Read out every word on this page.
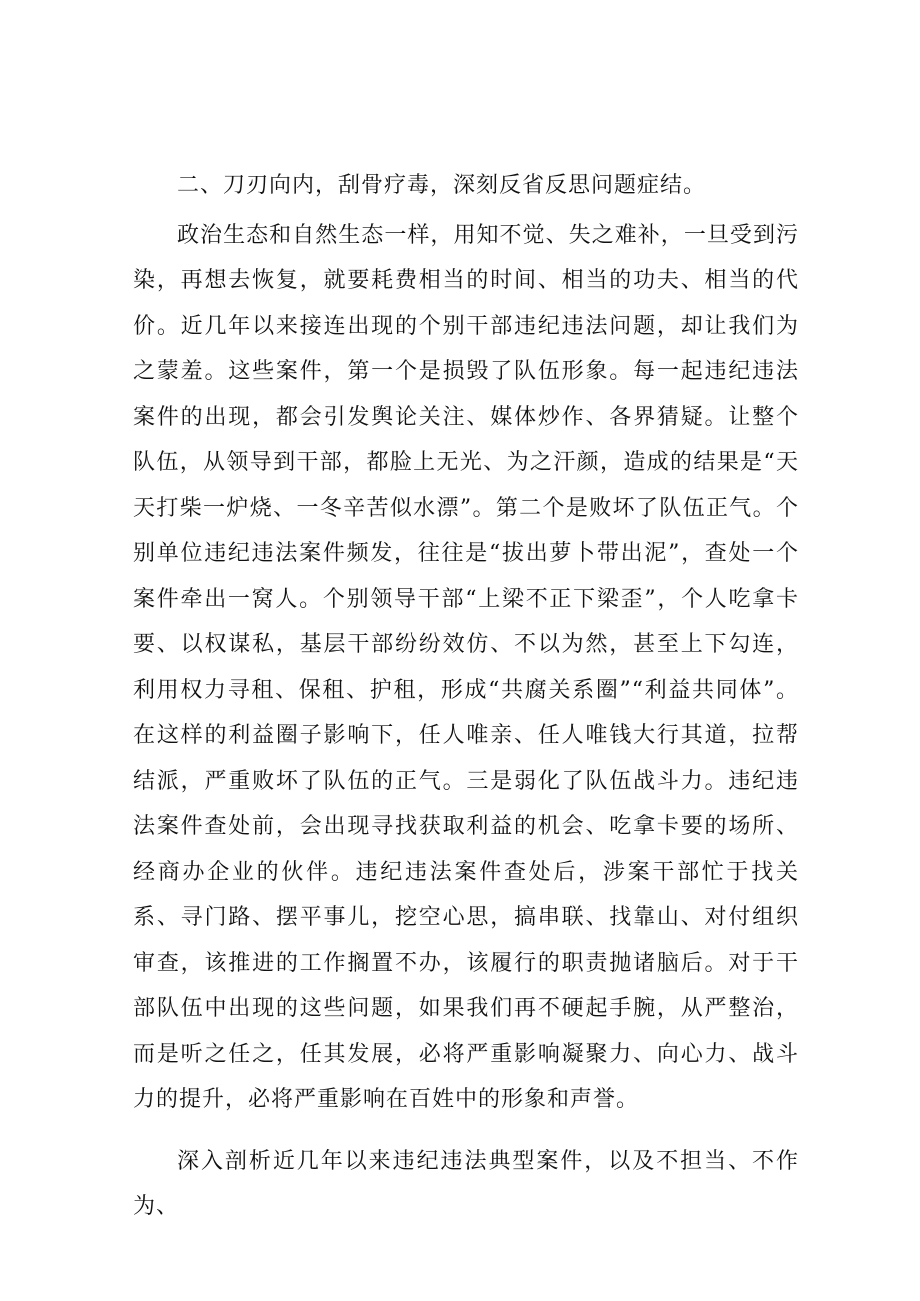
二、刀刃向内，刮骨疗毒，深刻反省反思问题症结。

政治生态和自然生态一样，用知不觉、失之难补，一旦受到污染，再想去恢复，就要耗费相当的时间、相当的功夫、相当的代价。近几年以来接连出现的个别干部违纪违法问题，却让我们为之蒙羞。这些案件，第一个是损毁了队伍形象。每一起违纪违法案件的出现，都会引发舆论关注、媒体炒作、各界猜疑。让整个队伍，从领导到干部，都脸上无光、为之汗颜，造成的结果是“天天打柴一炉烧、一冬辛苦似水漂”。第二个是败坏了队伍正气。个别单位违纪违法案件频发，往往是“拔出萝卜带出泥”，查处一个案件牵出一窝人。个别领导干部“上梁不正下梁歪”，个人吃拿卡要、以权谋私，基层干部纷纷效仿、不以为然，甚至上下勾连，利用权力寻租、保租、护租，形成“共腐关系圈”“利益共同体”。在这样的利益圈子影响下，任人唯亲、任人唯钱大行其道，拉帮结派，严重败坏了队伍的正气。三是弱化了队伍战斗力。违纪违法案件查处前，会出现寻找获取利益的机会、吃拿卡要的场所、经商办企业的伙伴。违纪违法案件查处后，涉案干部忙于找关系、寻门路、摆平事儿，挖空心思，搞串联、找靠山、对付组织审查，该推进的工作搁置不办，该履行的职责抛诸脑后。对于干部队伍中出现的这些问题，如果我们再不硬起手腕，从严整治，而是听之任之，任其发展，必将严重影响凝聚力、向心力、战斗力的提升，必将严重影响在百姓中的形象和声誉。

深入剖析近几年以来违纪违法典型案件，以及不担当、不作为、
